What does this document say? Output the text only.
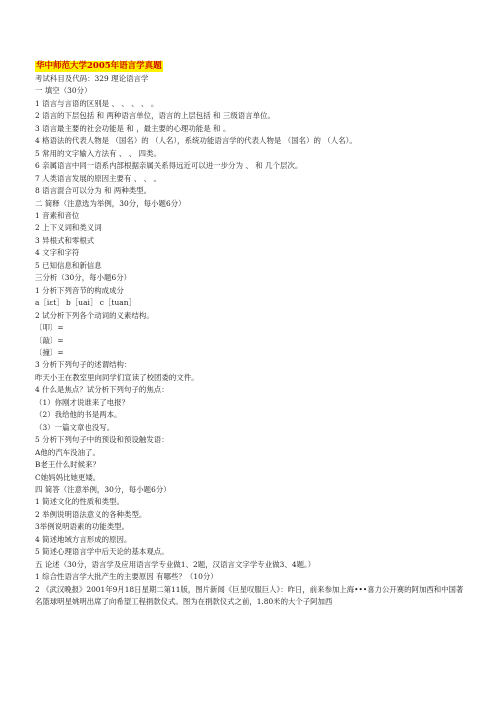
华中师范大学2005年语言学真题
考试科目及代码：329 理论语言学
一 填空（30分）
1 语言与言语的区别是 、 、 、 、 。
2 语言的下层包括 和 两种语言单位，语言的上层包括 和 三级语言单位。
3 语言最主要的社会功能是 和 ，最主要的心理功能是 和 。
4 格语法的代表人物是 （国名）的 （人名），系统功能语言学的代表人物是 （国名）的 （人名）。
5 常用的文字输入方法有 、 、 四类。
6 亲属语言中同一语系内部根据亲属关系得远近可以进一步分为 、 和 几个层次。
7 人类语言发展的原因主要有 、 、 。
8 语言混合可以分为 和 两种类型。
二 简释（注意选为举例，30分，每小题6分）
1 音素和音位
2 上下义词和类义词
3 异根式和零根式
4 文字和字符
5 已知信息和新信息
三分析（30分，每小题6分）
1 分析下列音节的构成成分
a［iɛt］ b［uai］ c［tuan］
2 试分析下列各个动词的义素结构。
〔叩〕=
〔敲〕=
〔撞〕=
3 分析下列句子的述谓结构：
昨天小王在教室里向同学们宣读了校团委的文件。
4 什么是焦点？试分析下列句子的焦点：
（1）你刚才说谁来了电报？
（2）我给他的书是两本。
（3）一篇文章也没写。
5 分析下列句子中的预设和预设触发语：
A他的汽车没油了。
B老王什么时候来？
C她妈妈比她更矮。
四 简答（注意举例，30分，每小题6分）
1 简述文化的性质和类型。
2 举例说明语法意义的各种类型。
3举例说明语素的功能类型。
4 简述地域方言形成的原因。
5 简述心理语言学中后天论的基本观点。
五 论述（30分，语言学及应用语言学专业做1、2题，汉语言文字学专业做3、4题。）
1 综合性语言学大批产生的主要原因 有哪些？（10分）
2 《武汉晚报》2001年9月18日星期二第11版，图片新闻《巨星叹服巨人》：昨日，前来参加上海•••喜力公开赛的阿加西和中国著名篮球明星姚明出席了向希望工程捐款仪式。图为在捐款仪式之前，1.80米的大个子阿加西
